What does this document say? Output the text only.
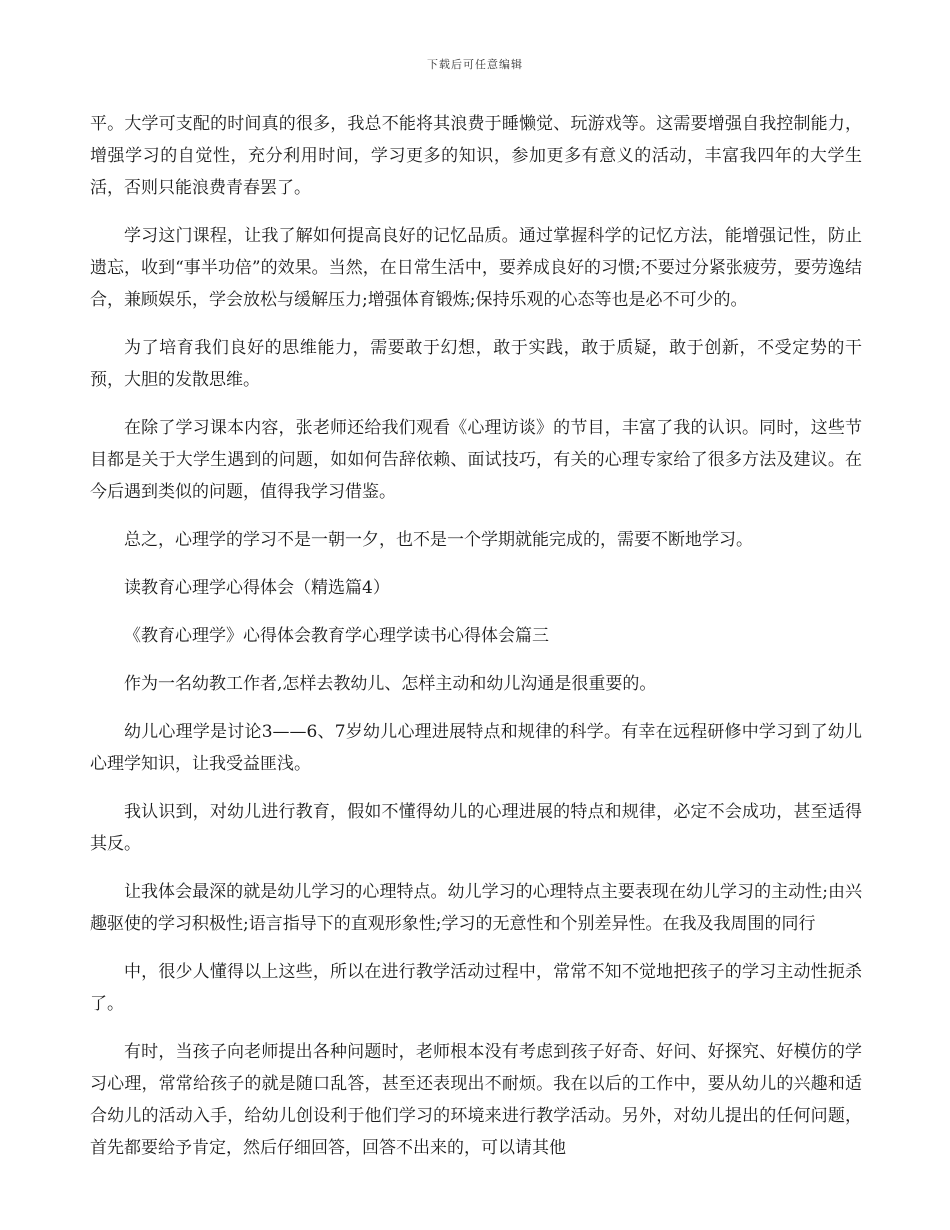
下载后可任意编辑

平。大学可支配的时间真的很多，我总不能将其浪费于睡懒觉、玩游戏等。这需要增强自我控制能力，增强学习的自觉性，充分利用时间，学习更多的知识，参加更多有意义的活动，丰富我四年的大学生活，否则只能浪费青春罢了。

学习这门课程，让我了解如何提高良好的记忆品质。通过掌握科学的记忆方法，能增强记性，防止遗忘，收到“事半功倍”的效果。当然，在日常生活中，要养成良好的习惯;不要过分紧张疲劳，要劳逸结合，兼顾娱乐，学会放松与缓解压力;增强体育锻炼;保持乐观的心态等也是必不可少的。

为了培育我们良好的思维能力，需要敢于幻想，敢于实践，敢于质疑，敢于创新，不受定势的干预，大胆的发散思维。

在除了学习课本内容，张老师还给我们观看《心理访谈》的节目，丰富了我的认识。同时，这些节目都是关于大学生遇到的问题，如如何告辞依赖、面试技巧，有关的心理专家给了很多方法及建议。在今后遇到类似的问题，值得我学习借鉴。

总之，心理学的学习不是一朝一夕，也不是一个学期就能完成的，需要不断地学习。

读教育心理学心得体会（精选篇4）

《教育心理学》心得体会教育学心理学读书心得体会篇三

作为一名幼教工作者,怎样去教幼儿、怎样主动和幼儿沟通是很重要的。

幼儿心理学是讨论3——6、7岁幼儿心理进展特点和规律的科学。有幸在远程研修中学习到了幼儿心理学知识，让我受益匪浅。

我认识到，对幼儿进行教育，假如不懂得幼儿的心理进展的特点和规律，必定不会成功，甚至适得其反。

让我体会最深的就是幼儿学习的心理特点。幼儿学习的心理特点主要表现在幼儿学习的主动性;由兴趣驱使的学习积极性;语言指导下的直观形象性;学习的无意性和个别差异性。在我及我周围的同行

中，很少人懂得以上这些，所以在进行教学活动过程中，常常不知不觉地把孩子的学习主动性扼杀了。

有时，当孩子向老师提出各种问题时，老师根本没有考虑到孩子好奇、好问、好探究、好模仿的学习心理，常常给孩子的就是随口乱答，甚至还表现出不耐烦。我在以后的工作中，要从幼儿的兴趣和适合幼儿的活动入手，给幼儿创设利于他们学习的环境来进行教学活动。另外，对幼儿提出的任何问题，首先都要给予肯定，然后仔细回答，回答不出来的，可以请其他
